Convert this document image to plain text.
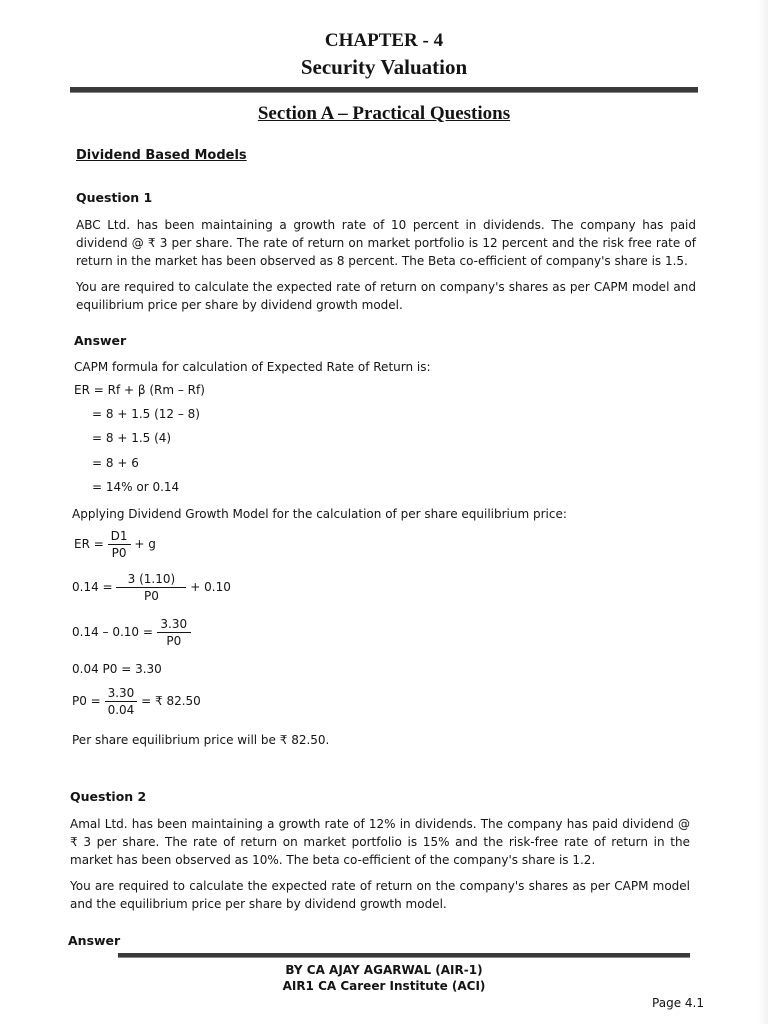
CHAPTER - 4
Security Valuation
Section A – Practical Questions
Dividend Based Models
Question 1
ABC Ltd. has been maintaining a growth rate of 10 percent in dividends. The company has paid dividend @ ₹ 3 per share. The rate of return on market portfolio is 12 percent and the risk free rate of return in the market has been observed as 8 percent. The Beta co-efficient of company's share is 1.5.
You are required to calculate the expected rate of return on company's shares as per CAPM model and equilibrium price per share by dividend growth model.
Answer
CAPM formula for calculation of Expected Rate of Return is:
ER = Rf + β (Rm – Rf)
= 8 + 1.5 (12 – 8)
= 8 + 1.5 (4)
= 8 + 6
= 14% or 0.14
Applying Dividend Growth Model for the calculation of per share equilibrium price:
ER = $\frac{D1}{P0} + g$
$0.14 = \frac{3 (1.10)}{P0} + 0.10$
$0.14 - 0.10 = \frac{3.30}{P0}$
0.04 P0 = 3.30
$P0 = \frac{3.30}{0.04}$ = ₹ 82.50
Per share equilibrium price will be ₹ 82.50.
Question 2
Amal Ltd. has been maintaining a growth rate of 12% in dividends. The company has paid dividend @ ₹ 3 per share. The rate of return on market portfolio is 15% and the risk-free rate of return in the market has been observed as 10%. The beta co-efficient of the company's share is 1.2.
You are required to calculate the expected rate of return on the company's shares as per CAPM model and the equilibrium price per share by dividend growth model.
Answer
BY CA AJAY AGARWAL (AIR-1)
AIR1 CA Career Institute (ACI)
Page 4.1
